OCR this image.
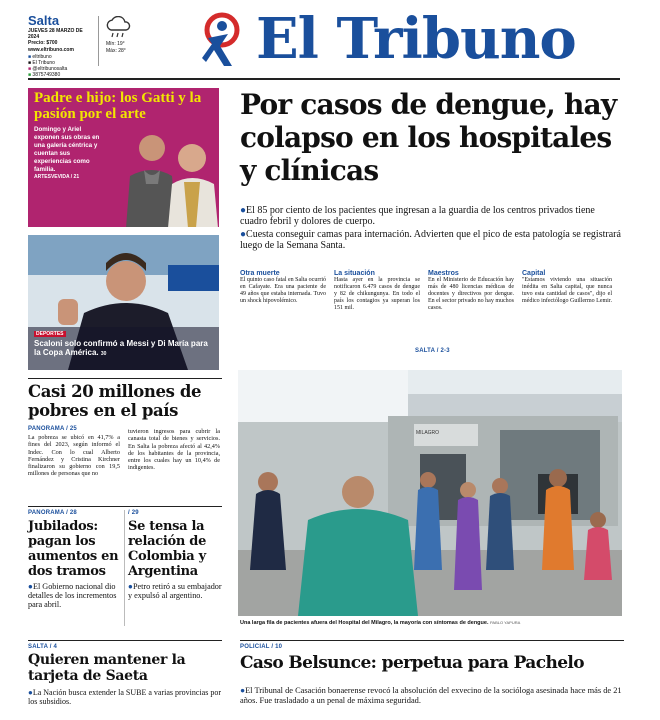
Salta
JUEVES 28 MARZO DE 2024
Precio: $700
www.eltribuno.com
■ eltribuno
■ El Tribuno
■ @eltribunosalta
■ 3875749380
Mín: 19°
Máx: 28° El Tribuno
Padre e hijo: los Gatti y la pasión por el arte
Domingo y Ariel exponen sus obras en una galería céntrica y cuentan sus experiencias como familia.
ARTESVEVIDA / 21
DEPORTES
Scaloni solo confirmó a Messi y Di María para la Copa América. 30
Por casos de dengue, hay colapso en los hospitales y clínicas

● El 85 por ciento de los pacientes que ingresan a la guardia de los centros privados tiene cuadro febril y dolores de cuerpo.

● Cuesta conseguir camas para internación. Advierten que el pico de esta patología se registrará luego de la Semana Santa.

Otra muerte

El quinto caso fatal en Salta ocurrió en Cafayate. Era una paciente de 49 años que estaba internada. Tuvo un shock hipovolémico.

La situación

Hasta ayer en la provincia se notificaron 6.479 casos de dengue y 82 de chikungunya. En todo el país los contagios ya superan los 151 mil.

Maestros

En el Ministerio de Educación hay más de 480 licencias médicas de docentes y directivos por dengue. En el sector privado no hay muchos casos.

Capital

"Estamos viviendo una situación inédita en Salta capital, que nunca tuvo esta cantidad de casos", dijo el médico infectólogo Guillermo Lemir.

SALTA / 2-3
MILAGRO
Una larga fila de pacientes afuera del Hospital del Milagro, la mayoría con síntomas de dengue. PABLO YAPURA
Casi 20 millones de pobres en el país
PANORAMA / 25

La pobreza se ubicó en 41,7% a fines del 2023, según informó el Indec. Con lo cual Alberto Fernández y Cristina Kirchner finalizaron su gobierno con 19,5 millones de personas que no

tuvieron ingresos para cubrir la canasta total de bienes y servicios. En Salta la pobreza afectó al 42,4% de los habitantes de la provincia, entre los cuales hay un 10,4% de indigentes.

PANORAMA / 28
Jubilados: pagan los aumentos en dos tramos
● El Gobierno nacional dio detalles de los incrementos para abril.
/ 29
Se tensa la relación de Colombia y Argentina
● Petro retiró a su embajador y expulsó al argentino.
SALTA / 4
Quieren mantener la tarjeta de Saeta
● La Nación busca extender la SUBE a varias provincias por los subsidios.
POLICIAL / 10
Caso Belsunce: perpetua para Pachelo
● El Tribunal de Casación bonaerense revocó la absolución del exvecino de la socióloga asesinada hace más de 21 años. Fue trasladado a un penal de máxima seguridad.
